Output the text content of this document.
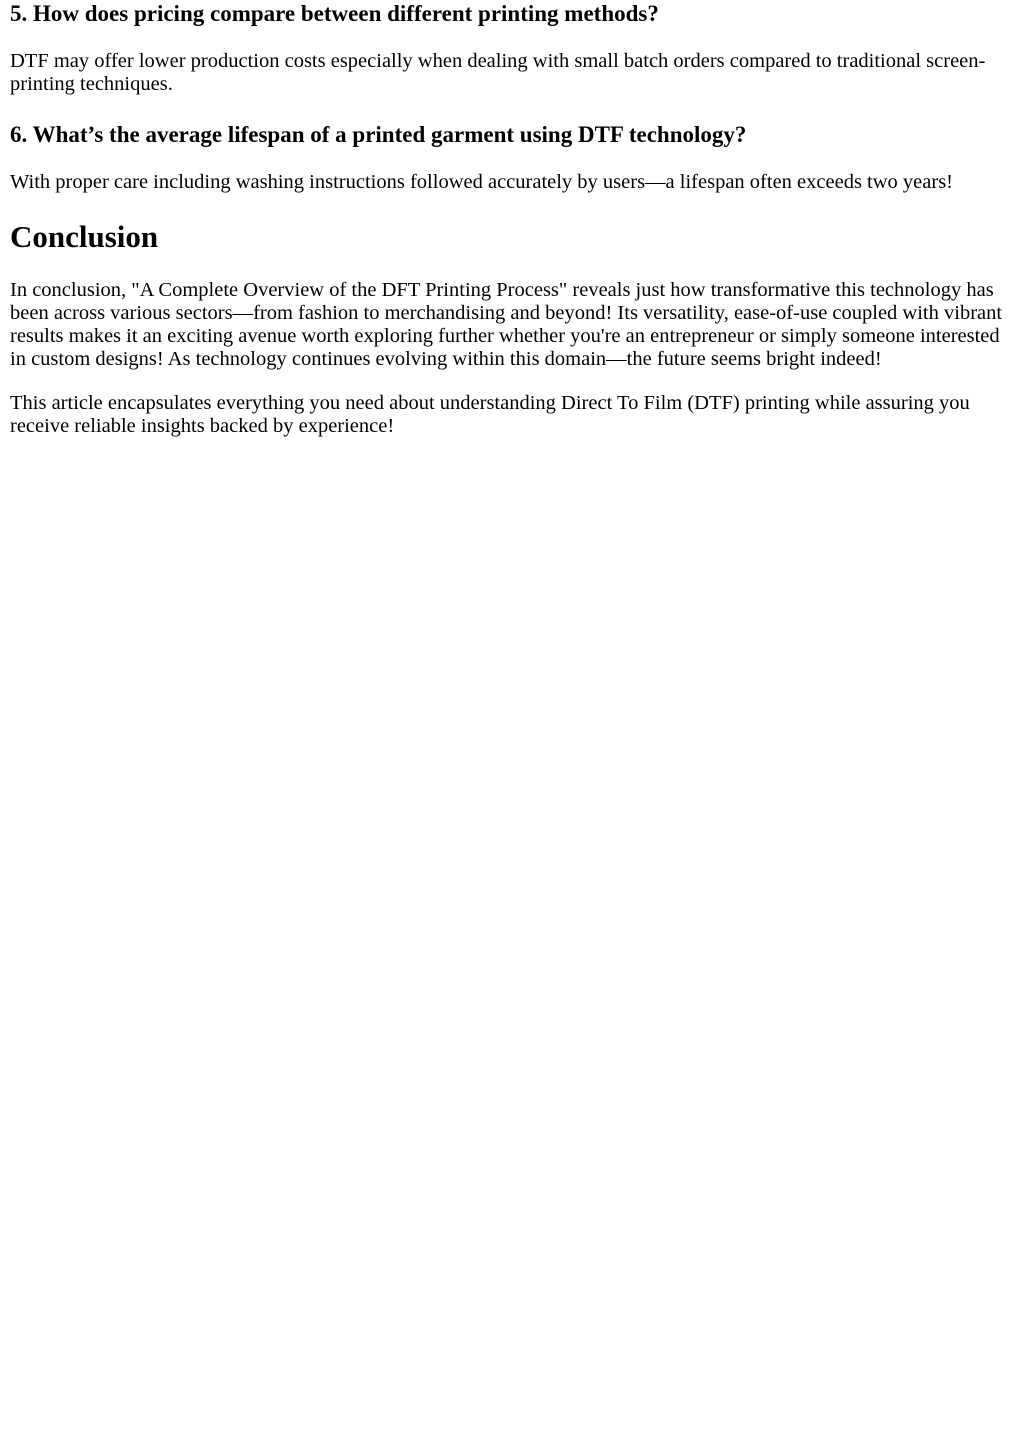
5. How does pricing compare between different printing methods?

DTF may offer lower production costs especially when dealing with small batch orders compared to traditional screen-printing techniques.

6. What’s the average lifespan of a printed garment using DTF technology?

With proper care including washing instructions followed accurately by users—a lifespan often exceeds two years!

Conclusion

In conclusion, "A Complete Overview of the DFT Printing Process" reveals just how transformative this technology has been across various sectors—from fashion to merchandising and beyond! Its versatility, ease-of-use coupled with vibrant results makes it an exciting avenue worth exploring further whether you're an entrepreneur or simply someone interested in custom designs! As technology continues evolving within this domain—the future seems bright indeed!

This article encapsulates everything you need about understanding Direct To Film (DTF) printing while assuring you receive reliable insights backed by experience!
